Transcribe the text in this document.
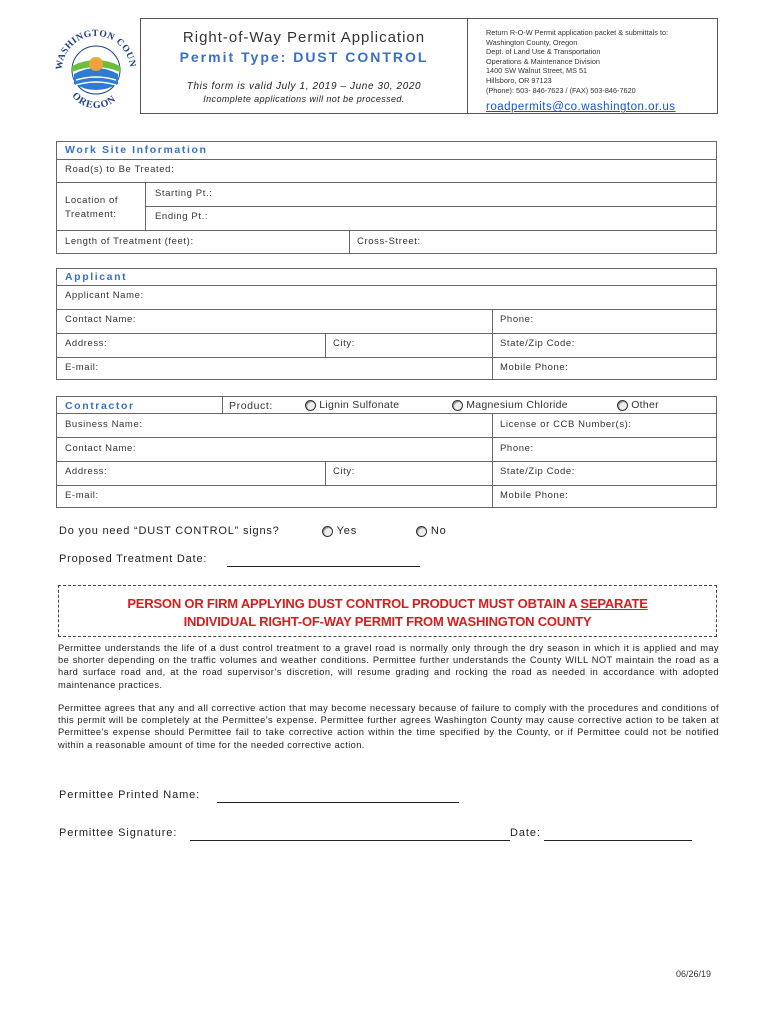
WASHINGTON COUN
OREGON
Right-of-Way Permit Application
Permit Type: DUST CONTROL
This form is valid July 1, 2019 – June 30, 2020
Incomplete applications will not be processed.
Return R-O-W Permit application packet & submittals to:
Washington County, Oregon
Dept. of Land Use & Transportation
Operations & Maintenance Division
1400 SW Walnut Street, MS 51
Hillsboro, OR 97123
(Phone): 503- 846-7623 / (FAX) 503-846-7620
roadpermits@co.washington.or.us
Work Site Information
Road(s) to Be Treated:
Location of Treatment:
Starting Pt.:
Ending Pt.:
Length of Treatment (feet):	Cross-Street:
Applicant
Applicant Name:
Contact Name:	Phone:
Address:	City:	State/Zip Code:
E-mail:	Mobile Phone:
Contractor	Product:	Lignin Sulfonate	Magnesium Chloride	Other
Business Name:	License or CCB Number(s):
Contact Name:	Phone:
Address:	City:	State/Zip Code:
E-mail:	Mobile Phone:
Do you need “DUST CONTROL” signs?	Yes	No
Proposed Treatment Date:
PERSON OR FIRM APPLYING DUST CONTROL PRODUCT MUST OBTAIN A SEPARATE
INDIVIDUAL RIGHT-OF-WAY PERMIT FROM WASHINGTON COUNTY
Permittee understands the life of a dust control treatment to a gravel road is normally only through the dry season in which it is applied and may be shorter depending on the traffic volumes and weather conditions. Permittee further understands the County WILL NOT maintain the road as a hard surface road and, at the road supervisor’s discretion, will resume grading and rocking the road as needed in accordance with adopted maintenance practices.
Permittee agrees that any and all corrective action that may become necessary because of failure to comply with the procedures and conditions of this permit will be completely at the Permittee’s expense. Permittee further agrees Washington County may cause corrective action to be taken at Permittee’s expense should Permittee fail to take corrective action within the time specified by the County, or if Permittee could not be notified within a reasonable amount of time for the needed corrective action.
Permittee Printed Name:
Permittee Signature:	Date:
06/26/19
